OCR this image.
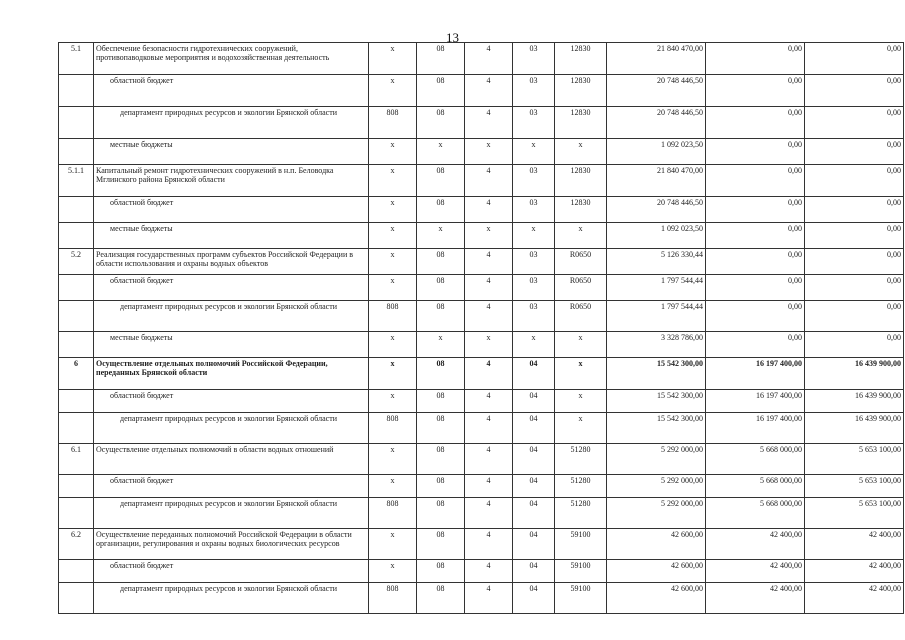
13
5.1	Обеспечение безопасности гидротехнических сооружений, противопаводковые мероприятия и водохозяйственная деятельность	x	08	4	03	12830	21 840 470,00	0,00	0,00
	областной бюджет	x	08	4	03	12830	20 748 446,50	0,00	0,00
	департамент природных ресурсов и экологии Брянской области	808	08	4	03	12830	20 748 446,50	0,00	0,00
	местные бюджеты	x	x	x	x	x	1 092 023,50	0,00	0,00
5.1.1	Капитальный ремонт гидротехнических сооружений в н.п. Беловодка Мглинского района Брянской области	x	08	4	03	12830	21 840 470,00	0,00	0,00
	областной бюджет	x	08	4	03	12830	20 748 446,50	0,00	0,00
	местные бюджеты	x	x	x	x	x	1 092 023,50	0,00	0,00
5.2	Реализация государственных программ субъектов Российской Федерации в области использования и охраны водных объектов	x	08	4	03	R0650	5 126 330,44	0,00	0,00
	областной бюджет	x	08	4	03	R0650	1 797 544,44	0,00	0,00
	департамент природных ресурсов и экологии Брянской области	808	08	4	03	R0650	1 797 544,44	0,00	0,00
	местные бюджеты	x	x	x	x	x	3 328 786,00	0,00	0,00
6	Осуществление отдельных полномочий Российской Федерации, переданных Брянской области	x	08	4	04	x	15 542 300,00	16 197 400,00	16 439 900,00
	областной бюджет	x	08	4	04	x	15 542 300,00	16 197 400,00	16 439 900,00
	департамент природных ресурсов и экологии Брянской области	808	08	4	04	x	15 542 300,00	16 197 400,00	16 439 900,00
6.1	Осуществление отдельных полномочий в области водных отношений	x	08	4	04	51280	5 292 000,00	5 668 000,00	5 653 100,00
	областной бюджет	x	08	4	04	51280	5 292 000,00	5 668 000,00	5 653 100,00
	департамент природных ресурсов и экологии Брянской области	808	08	4	04	51280	5 292 000,00	5 668 000,00	5 653 100,00
6.2	Осуществление переданных полномочий Российской Федерации в области организации, регулирования и охраны водных биологических ресурсов	x	08	4	04	59100	42 600,00	42 400,00	42 400,00
	областной бюджет	x	08	4	04	59100	42 600,00	42 400,00	42 400,00
	департамент природных ресурсов и экологии Брянской области	808	08	4	04	59100	42 600,00	42 400,00	42 400,00
